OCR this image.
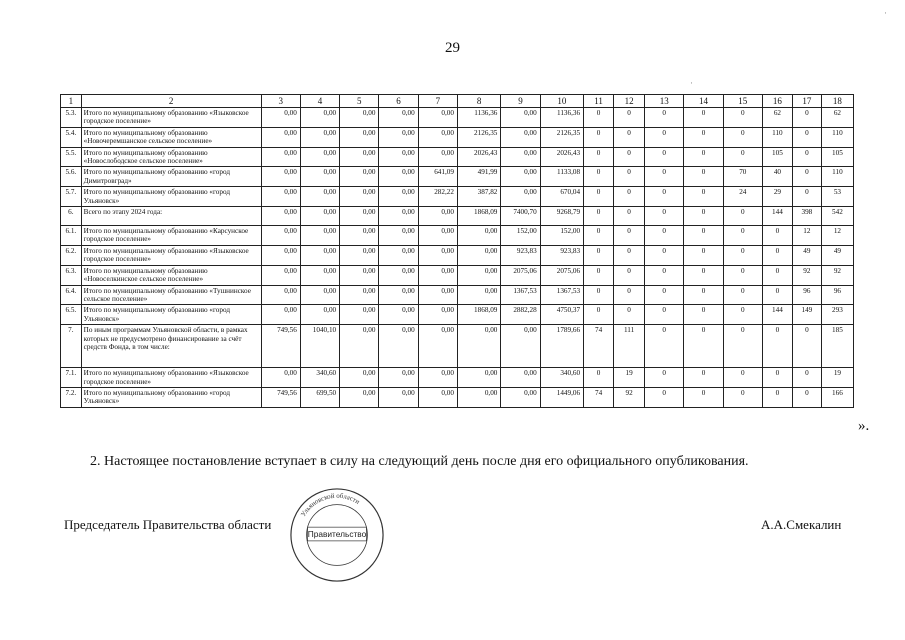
29
·
·
1	2	3	4	5	6	7	8	9	10	11	12	13	14	15	16	17	18
5.3.	Итого по муниципальному образованию «Языковское городское поселение»	0,00	0,00	0,00	0,00	0,00	1136,36	0,00	1136,36	0	0	0	0	0	62	0	62
5.4.	Итого по муниципальному образованию «Новочеремшанское сельское поселение»	0,00	0,00	0,00	0,00	0,00	2126,35	0,00	2126,35	0	0	0	0	0	110	0	110
5.5.	Итого по муниципальному образованию «Новослободское сельское поселение»	0,00	0,00	0,00	0,00	0,00	2026,43	0,00	2026,43	0	0	0	0	0	105	0	105
5.6.	Итого по муниципальному образованию «город Димитровград»	0,00	0,00	0,00	0,00	641,09	491,99	0,00	1133,08	0	0	0	0	70	40	0	110
5.7.	Итого по муниципальному образованию «город Ульяновск»	0,00	0,00	0,00	0,00	282,22	387,82	0,00	670,04	0	0	0	0	24	29	0	53
6.	Всего по этапу 2024 года:	0,00	0,00	0,00	0,00	0,00	1868,09	7400,70	9268,79	0	0	0	0	0	144	398	542
6.1.	Итого по муниципальному образованию «Карсунское городское поселение»	0,00	0,00	0,00	0,00	0,00	0,00	152,00	152,00	0	0	0	0	0	0	12	12
6.2.	Итого по муниципальному образованию «Языковское городское поселение»	0,00	0,00	0,00	0,00	0,00	0,00	923,83	923,83	0	0	0	0	0	0	49	49
6.3.	Итого по муниципальному образованию «Новоселкинское сельское поселение»	0,00	0,00	0,00	0,00	0,00	0,00	2075,06	2075,06	0	0	0	0	0	0	92	92
6.4.	Итого по муниципальному образованию «Тушнинское сельское поселение»	0,00	0,00	0,00	0,00	0,00	0,00	1367,53	1367,53	0	0	0	0	0	0	96	96
6.5.	Итого по муниципальному образованию «город Ульяновск»	0,00	0,00	0,00	0,00	0,00	1868,09	2882,28	4750,37	0	0	0	0	0	144	149	293
7.	По иным программам Ульяновской области, в рамках которых не предусмотрено финансирование за счёт средств Фонда, в том числе:	749,56	1040,10	0,00	0,00	0,00	0,00	0,00	1789,66	74	111	0	0	0	0	0	185
7.1.	Итого по муниципальному образованию «Языковское городское поселение»	0,00	340,60	0,00	0,00	0,00	0,00	0,00	340,60	0	19	0	0	0	0	0	19
7.2.	Итого по муниципальному образованию «город Ульяновск»	749,56	699,50	0,00	0,00	0,00	0,00	0,00	1449,06	74	92	0	0	0	0	0	166
».
2. Настоящее постановление вступает в силу на следующий день после дня его официального опубликования.
Председатель Правительства области	А.А.Смекалин
Ульяновской области
Правительство
